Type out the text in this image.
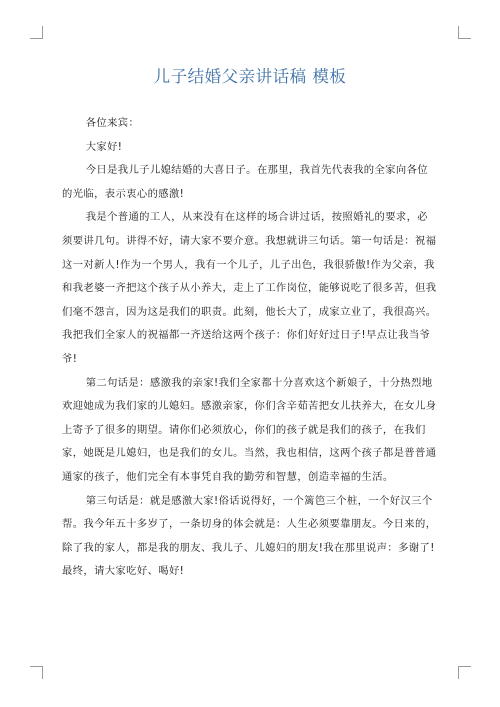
儿子结婚父亲讲话稿 模板

各位来宾：

大家好!

今日是我儿子儿媳结婚的大喜日子。在那里，我首先代表我的全家向各位的光临，表示衷心的感激!

我是个普通的工人，从来没有在这样的场合讲过话，按照婚礼的要求，必须要讲几句。讲得不好，请大家不要介意。我想就讲三句话。第一句话是：祝福这一对新人!作为一个男人，我有一个儿子，儿子出色，我很骄傲!作为父亲，我和我老婆一齐把这个孩子从小养大，走上了工作岗位，能够说吃了很多苦，但我们毫不怨言，因为这是我们的职责。此刻，他长大了，成家立业了，我很高兴。我把我们全家人的祝福都一齐送给这两个孩子：你们好好过日子!早点让我当爷爷!

第二句话是：感激我的亲家!我们全家都十分喜欢这个新娘子，十分热烈地欢迎她成为我们家的儿媳妇。感激亲家，你们含辛茹苦把女儿扶养大，在女儿身上寄予了很多的期望。请你们必须放心，你们的孩子就是我们的孩子，在我们家，她既是儿媳妇，也是我们的女儿。当然，我也相信，这两个孩子都是普普通通家的孩子，他们完全有本事凭自我的勤劳和智慧，创造幸福的生活。

第三句话是：就是感激大家!俗话说得好，一个篱笆三个桩，一个好汉三个帮。我今年五十多岁了，一条切身的体会就是：人生必须要靠朋友。今日来的，除了我的家人，都是我的朋友、我儿子、儿媳妇的朋友!我在那里说声：多谢了!最终，请大家吃好、喝好!
